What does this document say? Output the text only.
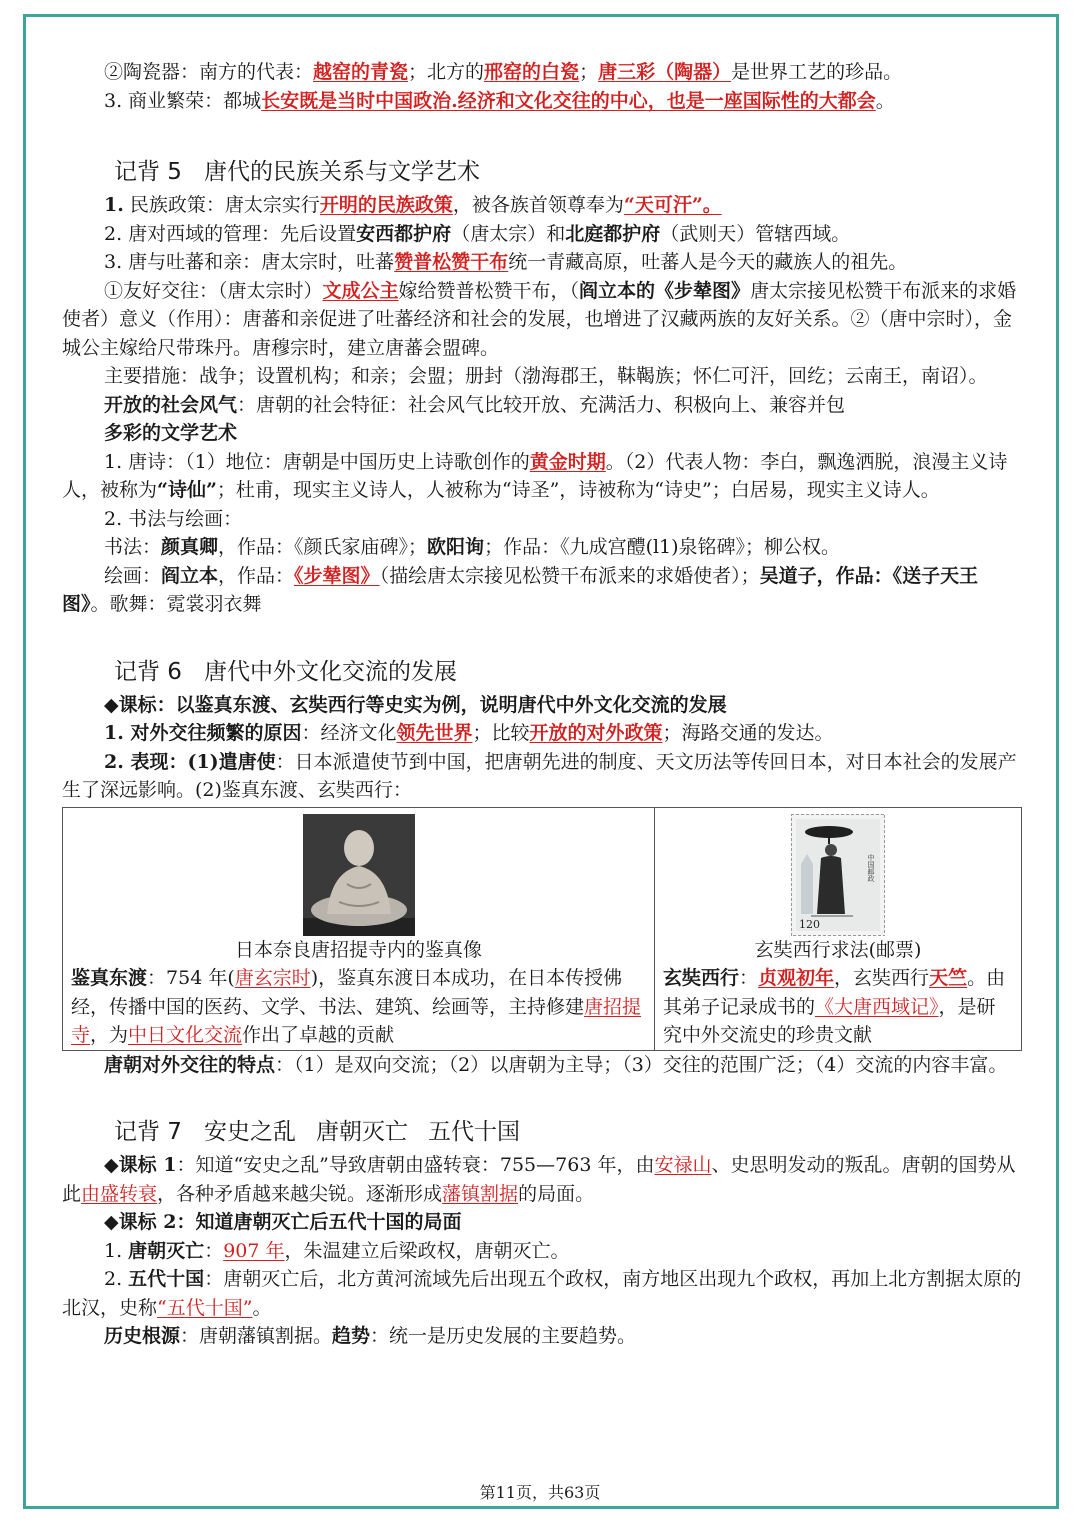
②陶瓷器：南方的代表：越窑的青瓷；北方的邢窑的白瓷；唐三彩（陶器）是世界工艺的珍品。

3. 商业繁荣：都城长安既是当时中国政治.经济和文化交往的中心，也是一座国际性的大都会。

记背 5 唐代的民族关系与文学艺术

1. 民族政策：唐太宗实行开明的民族政策，被各族首领尊奉为“天可汗”。

2. 唐对西域的管理：先后设置安西都护府（唐太宗）和北庭都护府（武则天）管辖西域。

3. 唐与吐蕃和亲：唐太宗时，吐蕃赞普松赞干布统一青藏高原，吐蕃人是今天的藏族人的祖先。

①友好交往：（唐太宗时）文成公主嫁给赞普松赞干布，（阎立本的《步辇图》唐太宗接见松赞干布派来的求婚使者）意义（作用）：唐蕃和亲促进了吐蕃经济和社会的发展，也增进了汉藏两族的友好关系。②（唐中宗时），金城公主嫁给尺带珠丹。唐穆宗时，建立唐蕃会盟碑。

主要措施：战争；设置机构；和亲；会盟；册封（渤海郡王，靺鞨族；怀仁可汗，回纥；云南王，南诏）。

开放的社会风气：唐朝的社会特征：社会风气比较开放、充满活力、积极向上、兼容并包

多彩的文学艺术

1. 唐诗：（1）地位：唐朝是中国历史上诗歌创作的黄金时期。（2）代表人物：李白，飘逸洒脱，浪漫主义诗人，被称为“诗仙”；杜甫，现实主义诗人，人被称为“诗圣”，诗被称为“诗史”；白居易，现实主义诗人。

2. 书法与绘画：

书法：颜真卿，作品：《颜氏家庙碑》；欧阳询；作品：《九成宫醴(l1)泉铭碑》；柳公权。

绘画：阎立本，作品：《步辇图》（描绘唐太宗接见松赞干布派来的求婚使者）；吴道子，作品：《送子天王图》。歌舞：霓裳羽衣舞

记背 6 唐代中外文化交流的发展

◆课标：以鉴真东渡、玄奘西行等史实为例，说明唐代中外文化交流的发展

1. 对外交往频繁的原因：经济文化领先世界；比较开放的对外政策；海路交通的发达。

2. 表现：(1)遣唐使：日本派遣使节到中国，把唐朝先进的制度、天文历法等传回日本，对日本社会的发展产生了深远影响。(2)鉴真东渡、玄奘西行：

日本奈良唐招提寺内的鉴真像

鉴真东渡：754 年(唐玄宗时)，鉴真东渡日本成功，在日本传授佛经，传播中国的医药、文学、书法、建筑、绘画等，主持修建唐招提寺，为中日文化交流作出了卓越的贡献

120
中国邮政
玄奘西行求法(邮票)

玄奘西行：贞观初年，玄奘西行天竺。由其弟子记录成书的《大唐西域记》，是研究中外交流史的珍贵文献

唐朝对外交往的特点：（1）是双向交流；（2）以唐朝为主导；（3）交往的范围广泛；（4）交流的内容丰富。

记背 7 安史之乱 唐朝灭亡 五代十国

◆课标 1：知道“安史之乱”导致唐朝由盛转衰：755—763 年，由安禄山、史思明发动的叛乱。唐朝的国势从此由盛转衰，各种矛盾越来越尖锐。逐渐形成藩镇割据的局面。

◆课标 2：知道唐朝灭亡后五代十国的局面

1. 唐朝灭亡：907 年，朱温建立后梁政权，唐朝灭亡。

2. 五代十国：唐朝灭亡后，北方黄河流域先后出现五个政权，南方地区出现九个政权，再加上北方割据太原的北汉，史称“五代十国”。

历史根源：唐朝藩镇割据。趋势：统一是历史发展的主要趋势。

第11页，共63页
